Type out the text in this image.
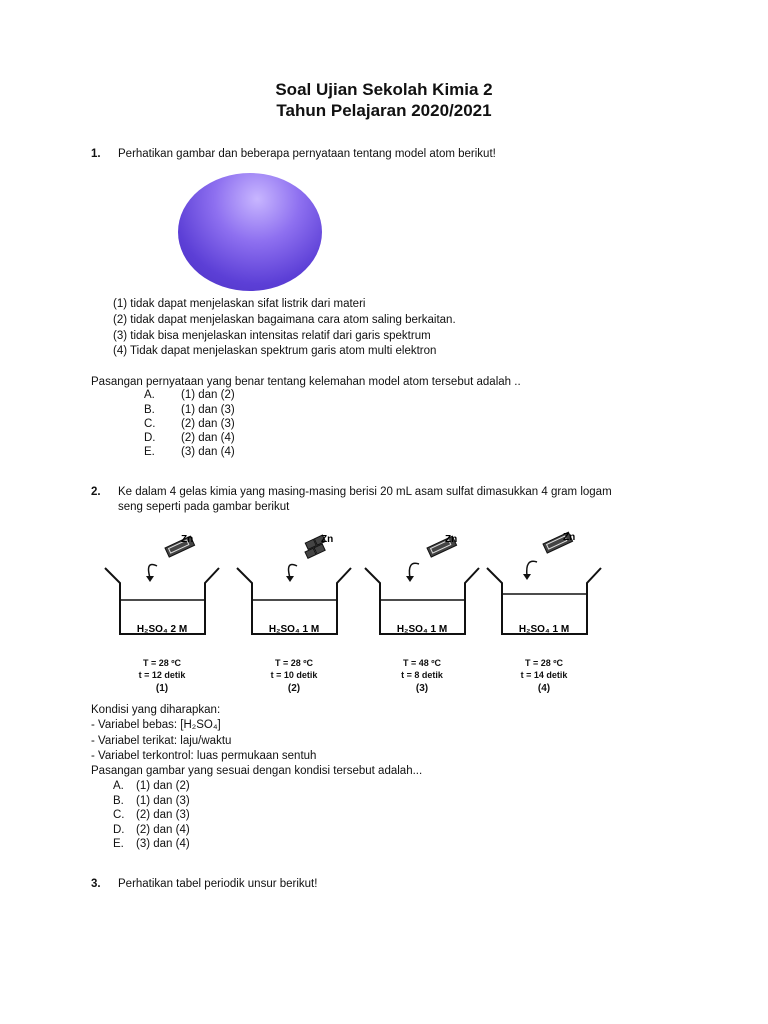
Soal Ujian Sekolah Kimia 2
Tahun Pelajaran 2020/2021
1. Perhatikan gambar dan beberapa pernyataan tentang model atom berikut!
(1) tidak dapat menjelaskan sifat listrik dari materi
(2) tidak dapat menjelaskan bagaimana cara atom saling berkaitan.
(3) tidak bisa menjelaskan intensitas relatif dari garis spektrum
(4) Tidak dapat menjelaskan spektrum garis atom multi elektron
Pasangan pernyataan yang benar tentang kelemahan model atom tersebut adalah ..
A. (1) dan (2)
B. (1) dan (3)
C. (2) dan (3)
D. (2) dan (4)
E. (3) dan (4)
2. Ke dalam 4 gelas kimia yang masing-masing berisi 20 mL asam sulfat dimasukkan 4 gram logam
seng seperti pada gambar berikut
Zn	Zn	Zn	Zn
H₂SO₄ 2 M	H₂SO₄ 1 M	H₂SO₄ 1 M	H₂SO₄ 1 M
T = 28 ºC
t = 12 detik
(1)
T = 28 ºC
t = 10 detik
(2)
T = 48 ºC
t = 8 detik
(3)
T = 28 ºC
t = 14 detik
(4)
Kondisi yang diharapkan:
- Variabel bebas: [H₂SO₄]
- Variabel terikat: laju/waktu
- Variabel terkontrol: luas permukaan sentuh
Pasangan gambar yang sesuai dengan kondisi tersebut adalah...
A. (1) dan (2)
B. (1) dan (3)
C. (2) dan (3)
D. (2) dan (4)
E. (3) dan (4)
3. Perhatikan tabel periodik unsur berikut!
